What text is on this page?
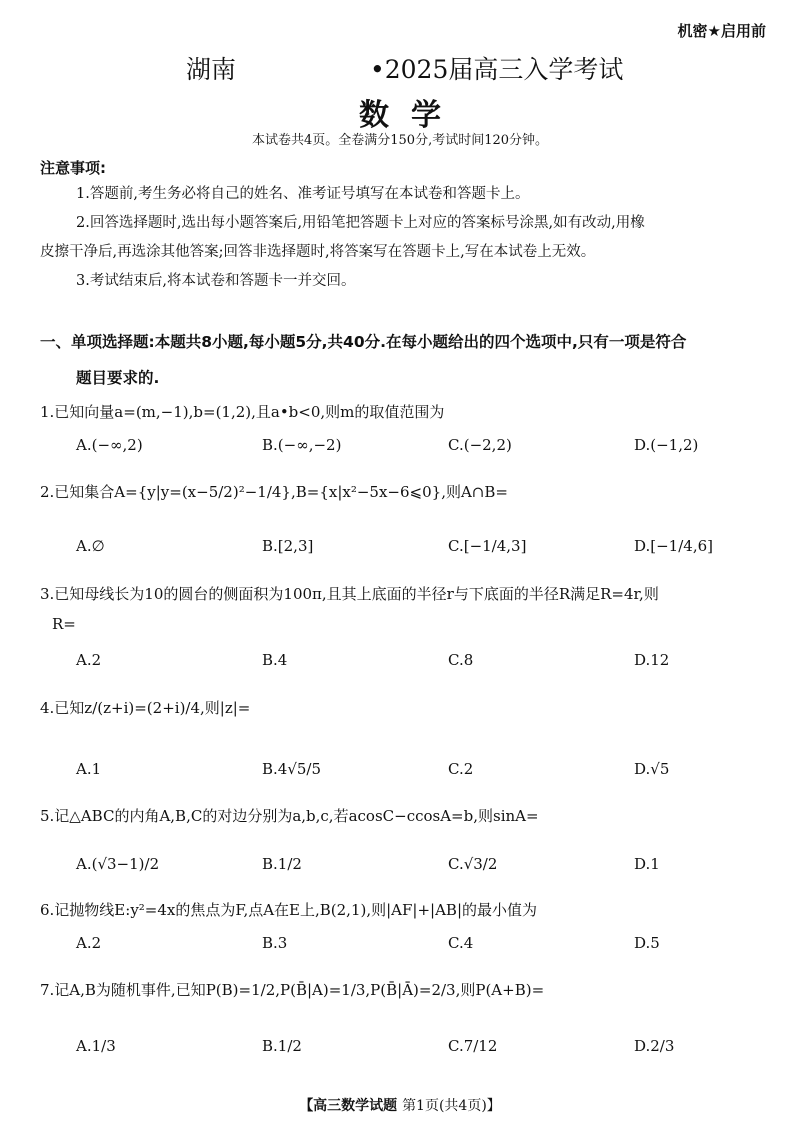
机密★启用前
湖南	•2025届高三入学考试
数学
本试卷共4页。全卷满分150分,考试时间120分钟。
注意事项:
1.答题前,考生务必将自己的姓名、准考证号填写在本试卷和答题卡上。
2.回答选择题时,选出每小题答案后,用铅笔把答题卡上对应的答案标号涂黑,如有改动,用橡
皮擦干净后,再选涂其他答案;回答非选择题时,将答案写在答题卡上,写在本试卷上无效。
3.考试结束后,将本试卷和答题卡一并交回。
一、单项选择题:本题共8小题,每小题5分,共40分.在每小题给出的四个选项中,只有一项是符合
题目要求的.
1.已知向量a=(m,−1),b=(1,2),且a•b<0,则m的取值范围为
A.(−∞,2)	B.(−∞,−2)	C.(−2,2)	D.(−1,2)
2.已知集合A={y|y=(x−5/2)²−1/4},B={x|x²−5x−6⩽0},则A∩B=
A.∅	B.[2,3]	C.[−1/4,3]	D.[−1/4,6]
3.已知母线长为10的圆台的侧面积为100π,且其上底面的半径r与下底面的半径R满足R=4r,则
R=
A.2	B.4	C.8	D.12
4.已知z/(z+i)=(2+i)/4,则|z|=
A.1	B.4√5/5	C.2	D.√5
5.记△ABC的内角A,B,C的对边分别为a,b,c,若acosC−ccosA=b,则sinA=
A.(√3−1)/2	B.1/2	C.√3/2	D.1
6.记抛物线E:y²=4x的焦点为F,点A在E上,B(2,1),则|AF|+|AB|的最小值为
A.2	B.3	C.4	D.5
7.记A,B为随机事件,已知P(B)=1/2,P(B̄|A)=1/3,P(B̄|Ā)=2/3,则P(A+B)=
A.1/3	B.1/2	C.7/12	D.2/3
【高三数学试题 第1页(共4页)】
